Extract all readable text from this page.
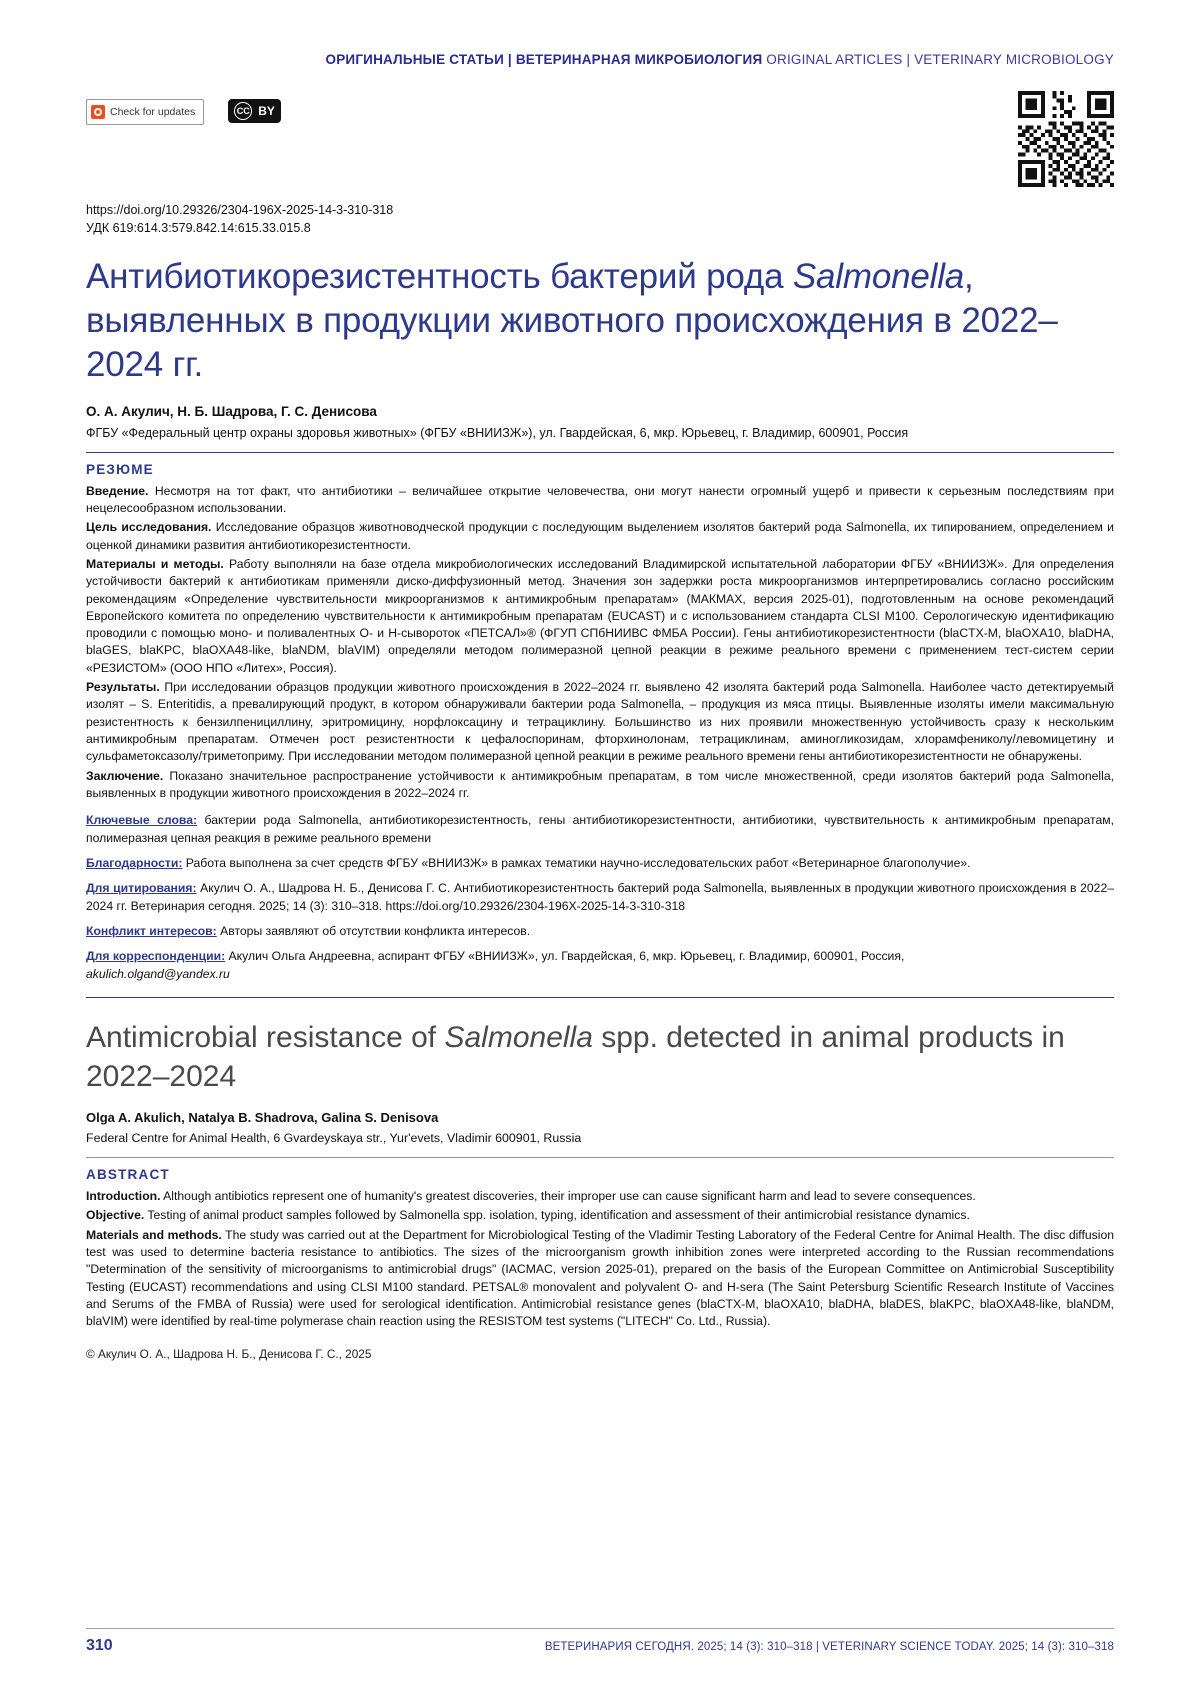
ОРИГИНАЛЬНЫЕ СТАТЬИ | ВЕТЕРИНАРНАЯ МИКРОБИОЛОГИЯ ORIGINAL ARTICLES | VETERINARY MICROBIOLOGY
Check for updates	CC BY
https://doi.org/10.29326/2304-196X-2025-14-3-310-318
УДК 619:614.3:579.842.14:615.33.015.8
Антибиотикорезистентность бактерий рода Salmonella, выявленных в продукции животного происхождения в 2022–2024 гг.
О. А. Акулич, Н. Б. Шадрова, Г. С. Денисова
ФГБУ «Федеральный центр охраны здоровья животных» (ФГБУ «ВНИИЗЖ»), ул. Гвардейская, 6, мкр. Юрьевец, г. Владимир, 600901, Россия
РЕЗЮМЕ

Введение. Несмотря на тот факт, что антибиотики – величайшее открытие человечества, они могут нанести огромный ущерб и привести к серьезным последствиям при нецелесообразном использовании.

Цель исследования. Исследование образцов животноводческой продукции с последующим выделением изолятов бактерий рода Salmonella, их типированием, определением и оценкой динамики развития антибиотикорезистентности.

Материалы и методы. Работу выполняли на базе отдела микробиологических исследований Владимирской испытательной лаборатории ФГБУ «ВНИИЗЖ». Для определения устойчивости бактерий к антибиотикам применяли диско-диффузионный метод. Значения зон задержки роста микроорганизмов интерпретировались согласно российским рекомендациям «Определение чувствительности микроорганизмов к антимикробным препаратам» (МАКМАХ, версия 2025-01), подготовленным на основе рекомендаций Европейского комитета по определению чувствительности к антимикробным препаратам (EUCAST) и с использованием стандарта CLSI M100. Серологическую идентификацию проводили с помощью моно- и поливалентных О- и Н-сывороток «ПЕТСАЛ»® (ФГУП СПбНИИВС ФМБА России). Гены антибиотикорезистентности (blaCTX-M, blaOXA10, blaDHA, blaGES, blaKPC, blaOXA48-like, blaNDM, blaVIM) определяли методом полимеразной цепной реакции в режиме реального времени с применением тест-систем серии «РЕЗИСТОМ» (ООО НПО «Литех», Россия).

Результаты. При исследовании образцов продукции животного происхождения в 2022–2024 гг. выявлено 42 изолята бактерий рода Salmonella. Наиболее часто детектируемый изолят – S. Enteritidis, а превалирующий продукт, в котором обнаруживали бактерии рода Salmonella, – продукция из мяса птицы. Выявленные изоляты имели максимальную резистентность к бензилпенициллину, эритромицину, норфлоксацину и тетрациклину. Большинство из них проявили множественную устойчивость сразу к нескольким антимикробным препаратам. Отмечен рост резистентности к цефалоспоринам, фторхинолонам, тетрациклинам, аминогликозидам, хлорамфениколу/левомицетину и сульфаметоксазолу/триметоприму. При исследовании методом полимеразной цепной реакции в режиме реального времени гены антибиотикорезистентности не обнаружены.

Заключение. Показано значительное распространение устойчивости к антимикробным препаратам, в том числе множественной, среди изолятов бактерий рода Salmonella, выявленных в продукции животного происхождения в 2022–2024 гг.

Ключевые слова: бактерии рода Salmonella, антибиотикорезистентность, гены антибиотикорезистентности, антибиотики, чувствительность к антимикробным препаратам, полимеразная цепная реакция в режиме реального времени

Благодарности: Работа выполнена за счет средств ФГБУ «ВНИИЗЖ» в рамках тематики научно-исследовательских работ «Ветеринарное благополучие».

Для цитирования: Акулич О. А., Шадрова Н. Б., Денисова Г. С. Антибиотикорезистентность бактерий рода Salmonella, выявленных в продукции животного происхождения в 2022–2024 гг. Ветеринария сегодня. 2025; 14 (3): 310–318. https://doi.org/10.29326/2304-196X-2025-14-3-310-318

Конфликт интересов: Авторы заявляют об отсутствии конфликта интересов.

Для корреспонденции: Акулич Ольга Андреевна, аспирант ФГБУ «ВНИИЗЖ», ул. Гвардейская, 6, мкр. Юрьевец, г. Владимир, 600901, Россия,
akulich.olgand@yandex.ru

Antimicrobial resistance of Salmonella spp. detected in animal products in 2022–2024
Olga A. Akulich, Natalya B. Shadrova, Galina S. Denisova
Federal Centre for Animal Health, 6 Gvardeyskaya str., Yur'evets, Vladimir 600901, Russia
ABSTRACT

Introduction. Although antibiotics represent one of humanity's greatest discoveries, their improper use can cause significant harm and lead to severe consequences.

Objective. Testing of animal product samples followed by Salmonella spp. isolation, typing, identification and assessment of their antimicrobial resistance dynamics.

Materials and methods. The study was carried out at the Department for Microbiological Testing of the Vladimir Testing Laboratory of the Federal Centre for Animal Health. The disc diffusion test was used to determine bacteria resistance to antibiotics. The sizes of the microorganism growth inhibition zones were interpreted according to the Russian recommendations "Determination of the sensitivity of microorganisms to antimicrobial drugs" (IACMAC, version 2025-01), prepared on the basis of the European Committee on Antimicrobial Susceptibility Testing (EUCAST) recommendations and using CLSI M100 standard. PETSAL® monovalent and polyvalent O- and H-sera (The Saint Petersburg Scientific Research Institute of Vaccines and Serums of the FMBA of Russia) were used for serological identification. Antimicrobial resistance genes (blaCTX-M, blaOXA10, blaDHA, blaDES, blaKPC, blaOXA48-like, blaNDM, blaVIM) were identified by real-time polymerase chain reaction using the RESISTOM test systems ("LITECH" Co. Ltd., Russia).

© Акулич О. А., Шадрова Н. Б., Денисова Г. С., 2025
310	ВЕТЕРИНАРИЯ СЕГОДНЯ. 2025; 14 (3): 310–318 | VETERINARY SCIENCE TODAY. 2025; 14 (3): 310–318
